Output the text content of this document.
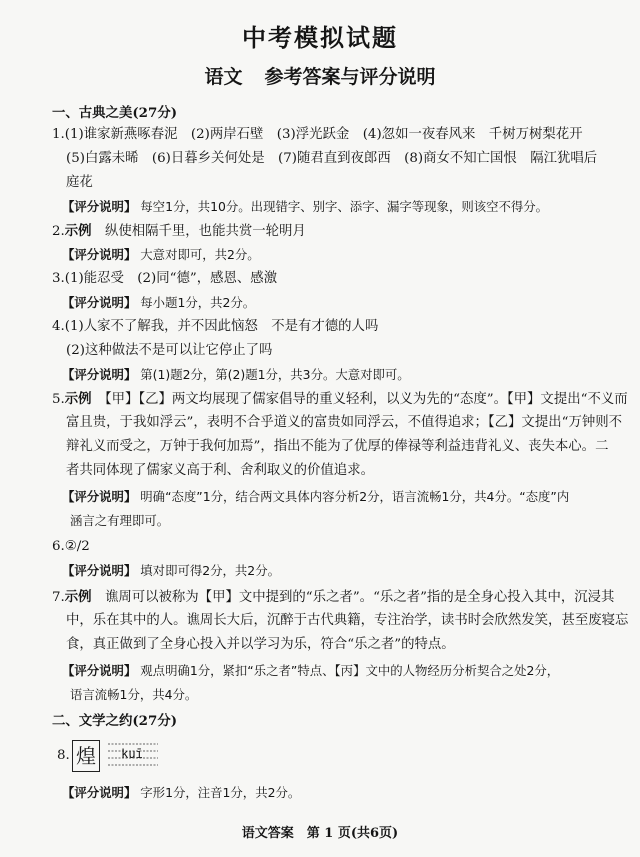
中考模拟试题
语文 参考答案与评分说明
一、古典之美(27分)
1.(1)谁家新燕啄春泥　(2)两岸石壁　(3)浮光跃金　(4)忽如一夜春风来　千树万树梨花开
(5)白露未晞　(6)日暮乡关何处是　(7)随君直到夜郎西　(8)商女不知亡国恨　隔江犹唱后
庭花
【评分说明】 每空1分，共10分。出现错字、别字、添字、漏字等现象，则该空不得分。
2.示例　 纵使相隔千里，也能共赏一轮明月
【评分说明】 大意对即可，共2分。
3.(1)能忍受　(2)同“德”，感恩、感激
【评分说明】 每小题1分，共2分。
4.(1)人家不了解我，并不因此恼怒　不是有才德的人吗
(2)这种做法不是可以让它停止了吗
【评分说明】 第(1)题2分，第(2)题1分，共3分。大意对即可。
5.示例　 【甲】【乙】两文均展现了儒家倡导的重义轻利，以义为先的“态度”。【甲】文提出“不义而
富且贵，于我如浮云”，表明不合乎道义的富贵如同浮云，不值得追求；【乙】文提出“万钟则不
辩礼义而受之，万钟于我何加焉”，指出不能为了优厚的俸禄等利益违背礼义、丧失本心。二
者共同体现了儒家义高于利、舍利取义的价值追求。
【评分说明】 明确“态度”1分，结合两文具体内容分析2分，语言流畅1分，共4分。“态度”内
涵言之有理即可。
6.②/2
【评分说明】 填对即可得2分，共2分。
7.示例　 谯周可以被称为【甲】文中提到的“乐之者”。“乐之者”指的是全身心投入其中，沉浸其
中，乐在其中的人。谯周长大后，沉醉于古代典籍，专注治学，读书时会欣然发笑，甚至废寝忘
食，真正做到了全身心投入并以学习为乐，符合“乐之者”的特点。
【评分说明】 观点明确1分，紧扣“乐之者”特点、【丙】文中的人物经历分析契合之处2分，
语言流畅1分，共4分。
二、文学之约(27分)
8. 煌	kuī
【评分说明】 字形1分，注音1分，共2分。
语文答案　第 1 页(共6页)
